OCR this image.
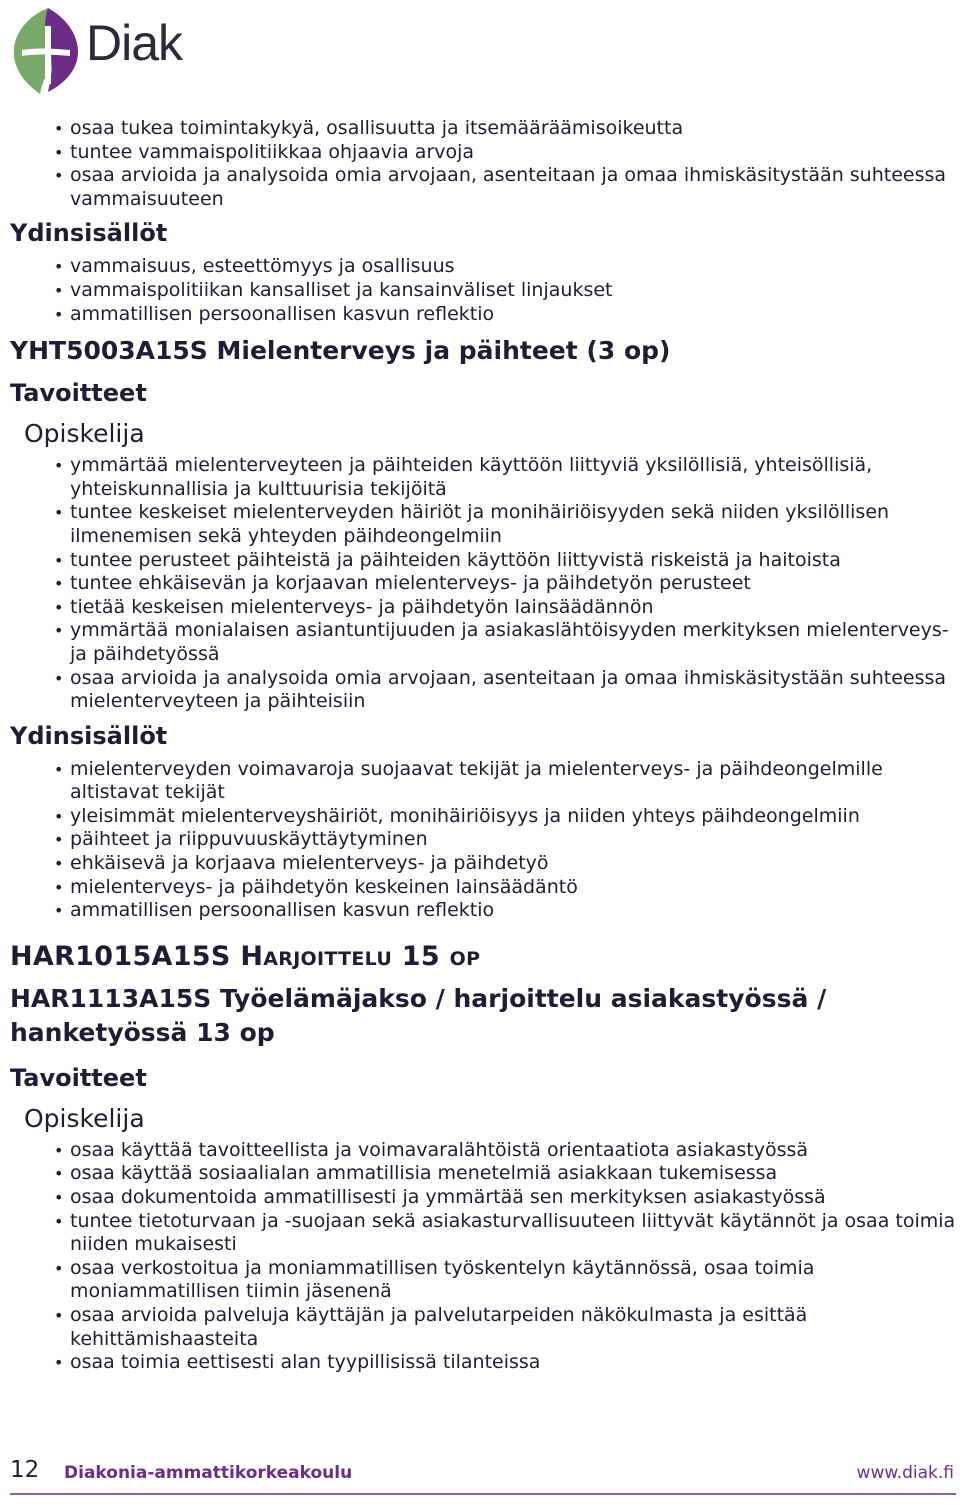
Diak
• osaa tukea toimintakykyä, osallisuutta ja itsemääräämisoikeutta
• tuntee vammaispolitiikkaa ohjaavia arvoja
• osaa arvioida ja analysoida omia arvojaan, asenteitaan ja omaa ihmiskäsitystään suhteessa vammaisuuteen
Ydinsisällöt
• vammaisuus, esteettömyys ja osallisuus
• vammaispolitiikan kansalliset ja kansainväliset linjaukset
• ammatillisen persoonallisen kasvun reflektio
YHT5003A15S Mielenterveys ja päihteet (3 op)
Tavoitteet
Opiskelija
• ymmärtää mielenterveyteen ja päihteiden käyttöön liittyviä yksilöllisiä, yhteisöllisiä, yhteiskunnallisia ja kulttuurisia tekijöitä
• tuntee keskeiset mielenterveyden häiriöt ja monihäiriöisyyden sekä niiden yksilöllisen ilmenemisen sekä yhteyden päihdeongelmiin
• tuntee perusteet päihteistä ja päihteiden käyttöön liittyvistä riskeistä ja haitoista
• tuntee ehkäisevän ja korjaavan mielenterveys- ja päihdetyön perusteet
• tietää keskeisen mielenterveys- ja päihdetyön lainsäädännön
• ymmärtää monialaisen asiantuntijuuden ja asiakaslähtöisyyden merkityksen mielenterveys- ja päihdetyössä
• osaa arvioida ja analysoida omia arvojaan, asenteitaan ja omaa ihmiskäsitystään suhteessa mielenterveyteen ja päihteisiin
Ydinsisällöt
• mielenterveyden voimavaroja suojaavat tekijät ja mielenterveys- ja päihdeongelmille altistavat tekijät
• yleisimmät mielenterveyshäiriöt, monihäiriöisyys ja niiden yhteys päihdeongelmiin
• päihteet ja riippuvuuskäyttäytyminen
• ehkäisevä ja korjaava mielenterveys- ja päihdetyö
• mielenterveys- ja päihdetyön keskeinen lainsäädäntö
• ammatillisen persoonallisen kasvun reflektio
HAR1015A15S Harjoittelu 15 op
HAR1113A15S Työelämäjakso / harjoittelu asiakastyössä /
hanketyössä 13 op
Tavoitteet
Opiskelija
• osaa käyttää tavoitteellista ja voimavaralähtöistä orientaatiota asiakastyössä
• osaa käyttää sosiaalialan ammatillisia menetelmiä asiakkaan tukemisessa
• osaa dokumentoida ammatillisesti ja ymmärtää sen merkityksen asiakastyössä
• tuntee tietoturvaan ja -suojaan sekä asiakasturvallisuuteen liittyvät käytännöt ja osaa toimia niiden mukaisesti
• osaa verkostoitua ja moniammatillisen työskentelyn käytännössä, osaa toimia moniammatillisen tiimin jäsenenä
• osaa arvioida palveluja käyttäjän ja palvelutarpeiden näkökulmasta ja esittää kehittämishaasteita
• osaa toimia eettisesti alan tyypillisissä tilanteissa
12 Diakonia-ammattikorkeakoulu	www.diak.fi
